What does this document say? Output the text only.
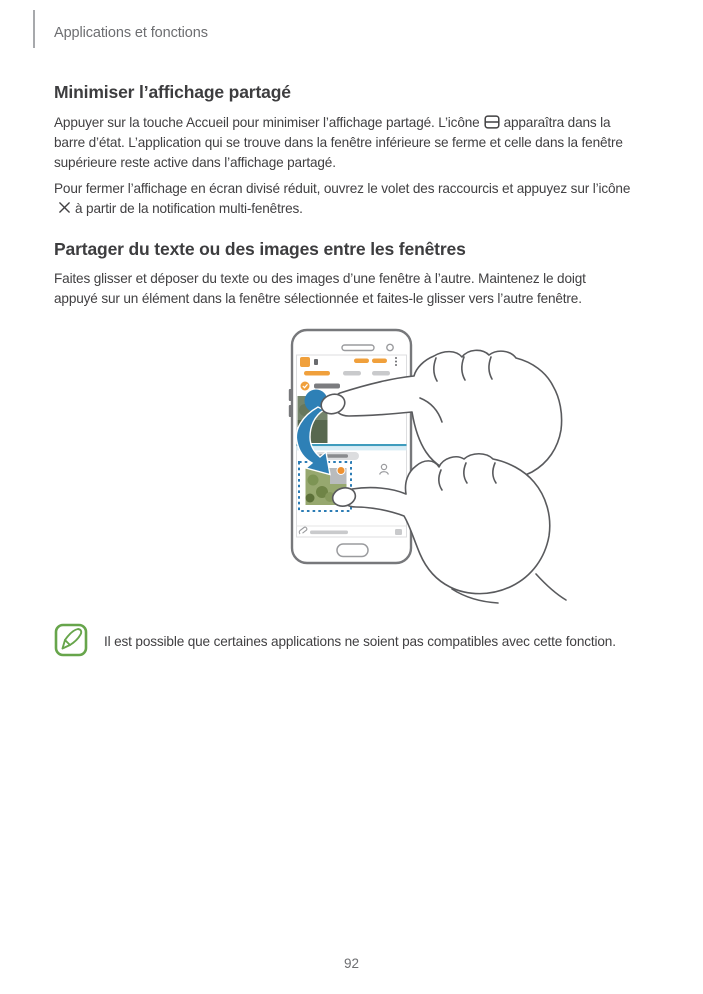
Applications et fonctions
Minimiser l’affichage partagé

Appuyer sur la touche Accueil pour minimiser l’affichage partagé. L’icône apparaîtra dans la barre d’état. L’application qui se trouve dans la fenêtre inférieure se ferme et celle dans la fenêtre supérieure reste active dans l’affichage partagé.

Pour fermer l’affichage en écran divisé réduit, ouvrez le volet des raccourcis et appuyez sur l’icôneà partir de la notification multi-fenêtres.

Partager du texte ou des images entre les fenêtres

Faites glisser et déposer du texte ou des images d’une fenêtre à l’autre. Maintenez le doigt appuyé sur un élément dans la fenêtre sélectionnée et faites-le glisser vers l’autre fenêtre.

Il est possible que certaines applications ne soient pas compatibles avec cette fonction.
92
